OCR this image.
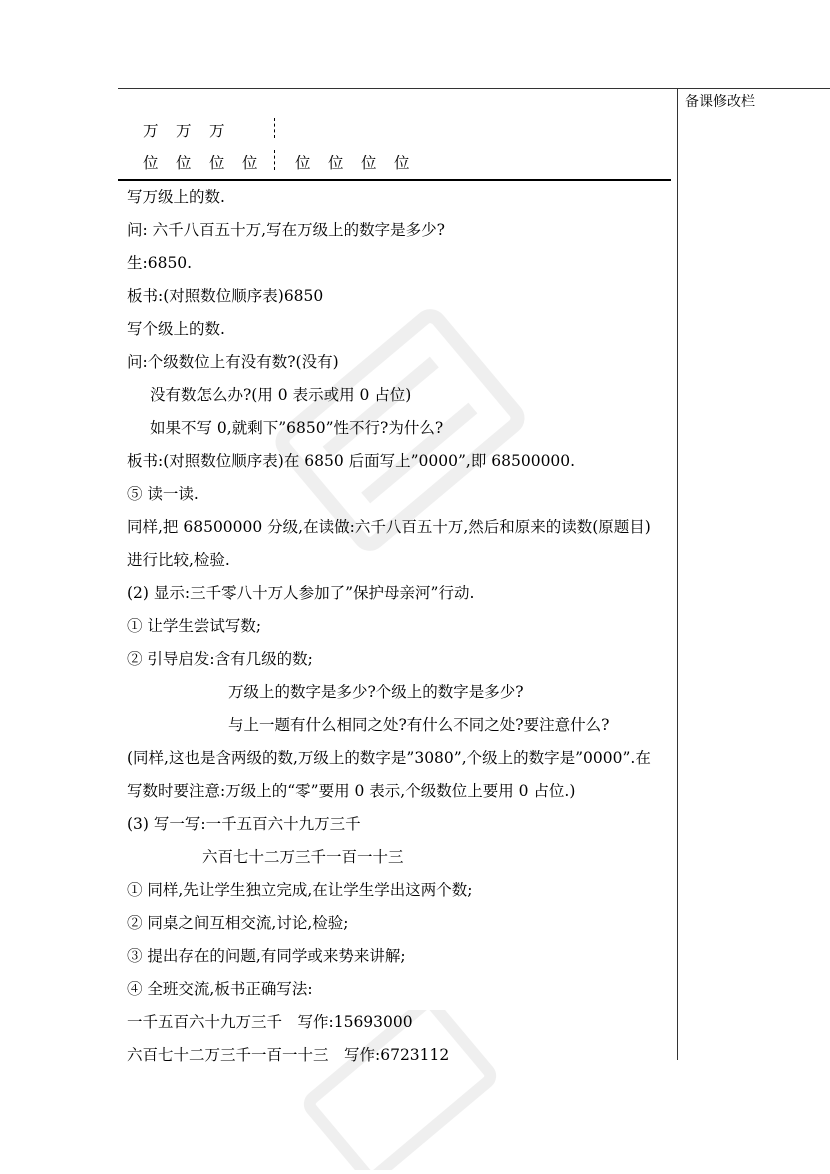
备课修改栏
万 万 万
位 位 位 位 位 位 位 位
写万级上的数.
问: 六千八百五十万,写在万级上的数字是多少?
生:6850.
板书:(对照数位顺序表)6850
写个级上的数.
问:个级数位上有没有数?(没有)
没有数怎么办?(用 0 表示或用 0 占位)
如果不写 0,就剩下”6850”性不行?为什么?
板书:(对照数位顺序表)在 6850 后面写上”0000”,即 68500000.
⑤ 读一读.
同样,把 68500000 分级,在读做:六千八百五十万,然后和原来的读数(原题目)
进行比较,检验.
(2) 显示:三千零八十万人参加了”保护母亲河”行动.
① 让学生尝试写数;
② 引导启发:含有几级的数;
万级上的数字是多少?个级上的数字是多少?
与上一题有什么相同之处?有什么不同之处?要注意什么?
(同样,这也是含两级的数,万级上的数字是”3080”,个级上的数字是”0000”.在
写数时要注意:万级上的“零”要用 0 表示,个级数位上要用 0 占位.)
(3) 写一写:一千五百六十九万三千
六百七十二万三千一百一十三
① 同样,先让学生独立完成,在让学生学出这两个数;
② 同桌之间互相交流,讨论,检验;
③ 提出存在的问题,有同学或来势来讲解;
④ 全班交流,板书正确写法:
一千五百六十九万三千　写作:15693000
六百七十二万三千一百一十三　写作:6723112
